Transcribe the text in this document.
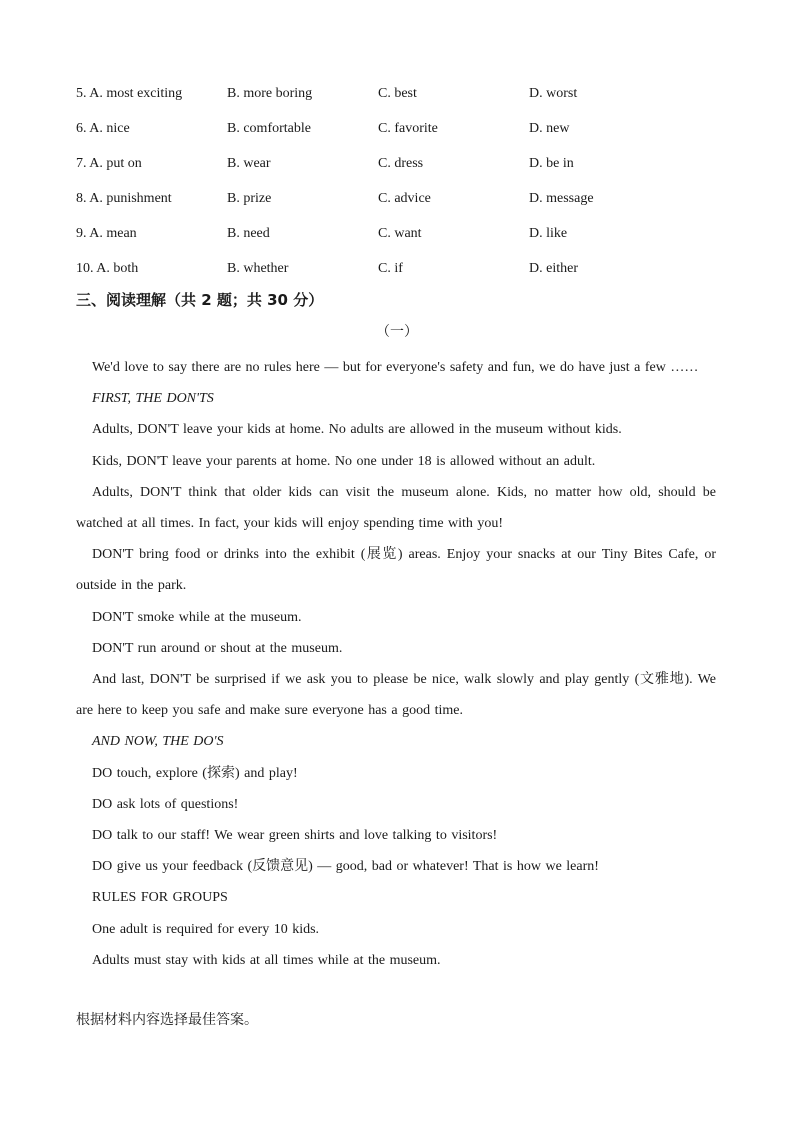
5. A. most exciting	B. more boring	C. best	D. worst
6. A. nice	B. comfortable	C. favorite	D. new
7. A. put on	B. wear	C. dress	D. be in
8. A. punishment	B. prize	C. advice	D. message
9. A. mean	B. need	C. want	D. like
10. A. both	B. whether	C. if	D. either
三、阅读理解（共 2 题；共 30 分）
（一）

We'd love to say there are no rules here — but for everyone's safety and fun, we do have just a few ……

FIRST, THE DON'TS

Adults, DON'T leave your kids at home. No adults are allowed in the museum without kids.

Kids, DON'T leave your parents at home. No one under 18 is allowed without an adult.

Adults, DON'T think that older kids can visit the museum alone. Kids, no matter how old, should be watched at all times. In fact, your kids will enjoy spending time with you!

DON'T bring food or drinks into the exhibit (展览) areas. Enjoy your snacks at our Tiny Bites Cafe, or outside in the park.

DON'T smoke while at the museum.

DON'T run around or shout at the museum.

And last, DON'T be surprised if we ask you to please be nice, walk slowly and play gently (文雅地). We are here to keep you safe and make sure everyone has a good time.

AND NOW, THE DO'S

DO touch, explore (探索) and play!

DO ask lots of questions!

DO talk to our staff! We wear green shirts and love talking to visitors!

DO give us your feedback (反馈意见) — good, bad or whatever! That is how we learn!

RULES FOR GROUPS

One adult is required for every 10 kids.

Adults must stay with kids at all times while at the museum.

根据材料内容选择最佳答案。
